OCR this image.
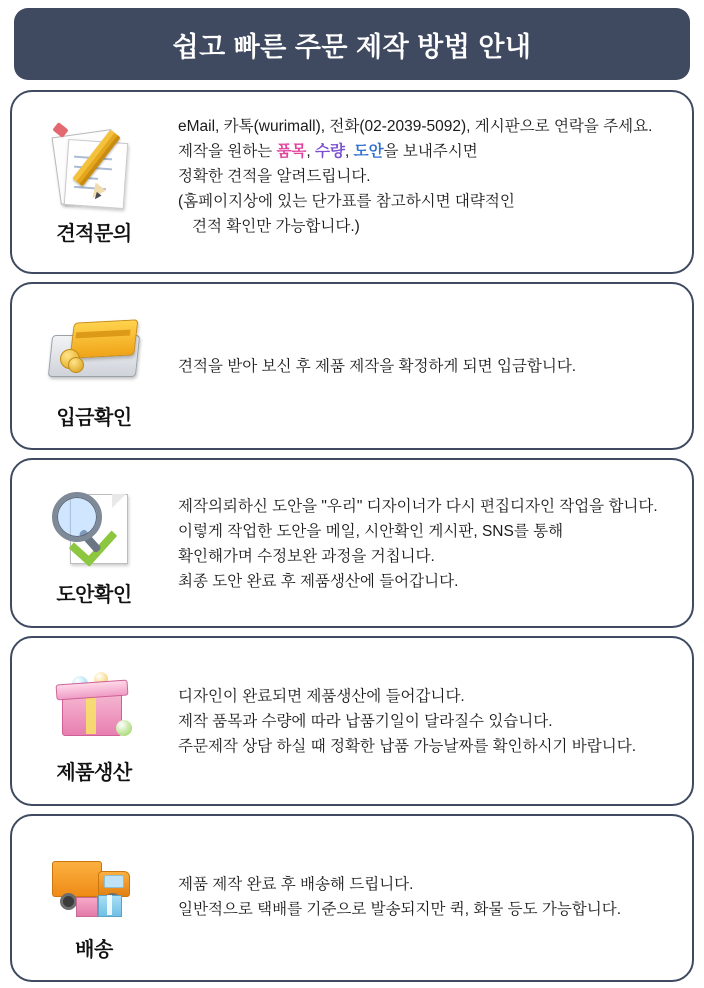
쉽고 빠른 주문 제작 방법 안내
견적문의
eMail, 카톡(wurimall), 전화(02-2039-5092), 게시판으로 연락을 주세요.
제작을 원하는 품목, 수량, 도안을 보내주시면
정확한 견적을 알려드립니다.
(홈페이지상에 있는 단가표를 참고하시면 대략적인
견적 확인만 가능합니다.)
입금확인
견적을 받아 보신 후 제품 제작을 확정하게 되면 입금합니다.
도안확인
제작의뢰하신 도안을 "우리" 디자이너가 다시 편집디자인 작업을 합니다.
이렇게 작업한 도안을 메일, 시안확인 게시판, SNS를 통해
확인해가며 수정보완 과정을 거칩니다.
최종 도안 완료 후 제품생산에 들어갑니다.
제품생산
디자인이 완료되면 제품생산에 들어갑니다.
제작 품목과 수량에 따라 납품기일이 달라질수 있습니다.
주문제작 상담 하실 때 정확한 납품 가능날짜를 확인하시기 바랍니다.
배송
제품 제작 완료 후 배송해 드립니다.
일반적으로 택배를 기준으로 발송되지만 퀵, 화물 등도 가능합니다.
